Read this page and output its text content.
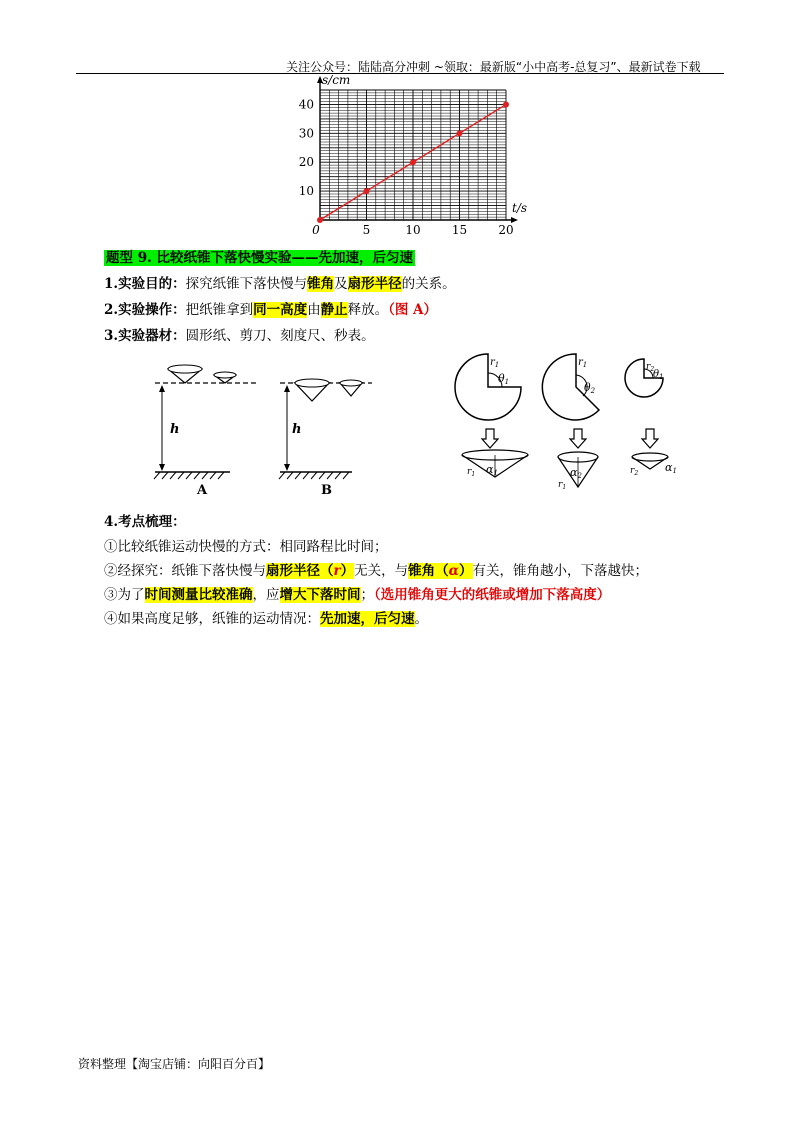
关注公众号：陆陆高分冲刺 ~领取：最新版“小中高考-总复习”、最新试卷下载
0	5	10	15	20
10
20
30
40
t/s
s/cm
题型 9. 比较纸锥下落快慢实验——先加速，后匀速
1.实验目的：探究纸锥下落快慢与锥角及扇形半径的关系。
2.实验操作：把纸锥拿到同一高度由静止释放。（图 A）
3.实验器材：圆形纸、剪刀、刻度尺、秒表。
h
A
h
B
$r_1$
θ1
$r_1$
θ2
$r_2$
$\theta_1$
α1
$r_1$	α2
$r_1$
$r_2$ α1
4.考点梳理：
①比较纸锥运动快慢的方式：相同路程比时间；
②经探究：纸锥下落快慢与扇形半径（r）无关，与锥角（α）有关，锥角越小，下落越快；
③为了时间测量比较准确，应增大下落时间；（选用锥角更大的纸锥或增加下落高度）
④如果高度足够，纸锥的运动情况：先加速，后匀速。
资料整理【淘宝店铺：向阳百分百】
